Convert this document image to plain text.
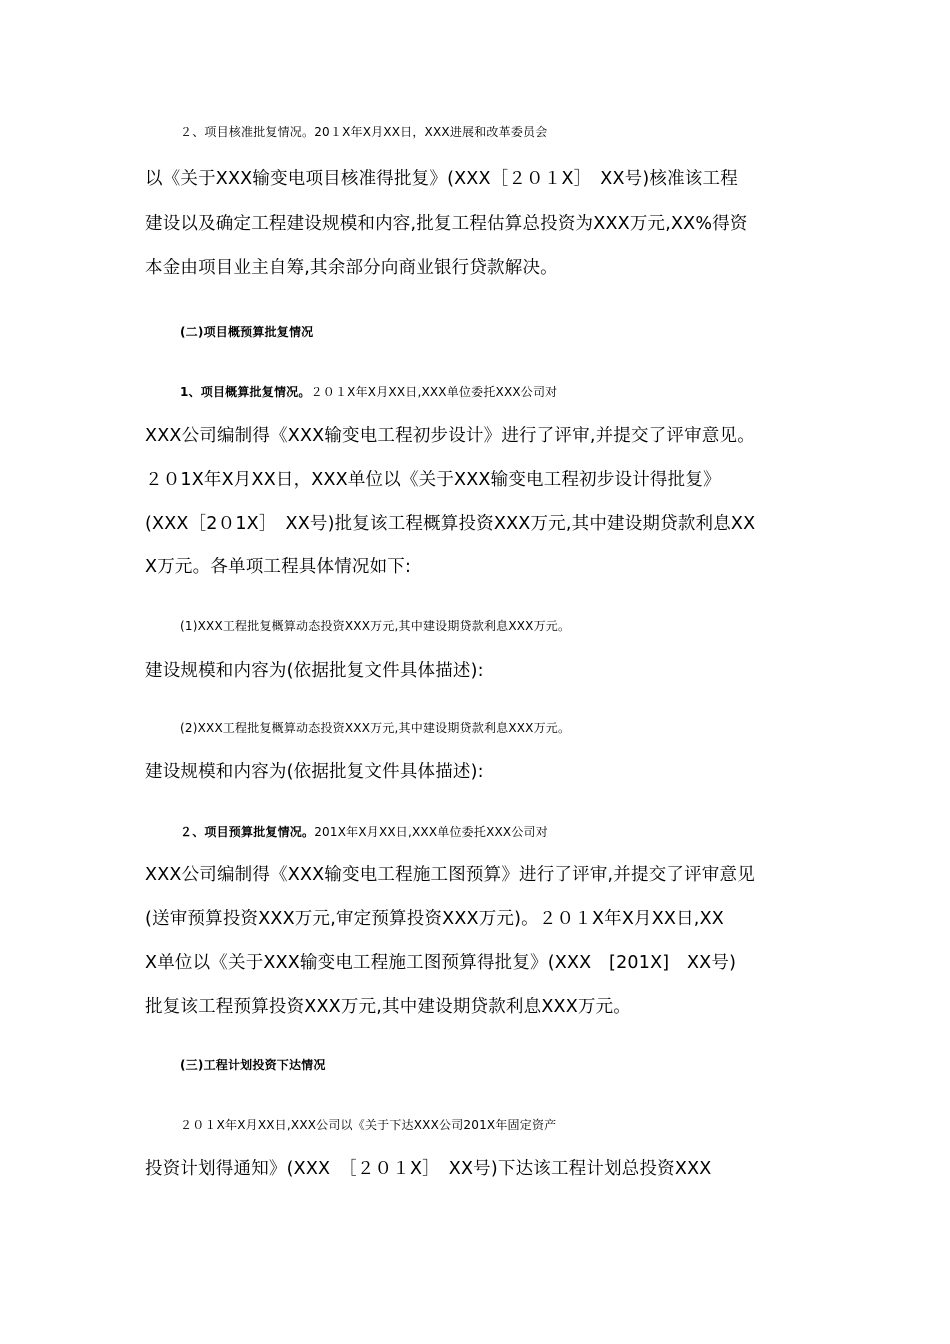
２、项目核准批复情况。20１X年X月XX日，XXX进展和改革委员会
以《关于XXX输变电项目核准得批复》(XXX［２０１X］　XX号)核准该工程
建设以及确定工程建设规模和内容,批复工程估算总投资为XXX万元,XX%得资
本金由项目业主自筹,其余部分向商业银行贷款解决。
(二)项目概预算批复情况
1、项目概算批复情况。２０１X年X月XX日,XXX单位委托XXX公司对
XXX公司编制得《XXX输变电工程初步设计》进行了评审,并提交了评审意见。
２０1X年X月XX日，XXX单位以《关于XXX输变电工程初步设计得批复》
(XXX［2０1X］　XX号)批复该工程概算投资XXX万元,其中建设期贷款利息XX
X万元。各单项工程具体情况如下:
(1)XXX工程批复概算动态投资XXX万元,其中建设期贷款利息XXX万元。
建设规模和内容为(依据批复文件具体描述):
(2)XXX工程批复概算动态投资XXX万元,其中建设期贷款利息XXX万元。
建设规模和内容为(依据批复文件具体描述):
２、项目预算批复情况。201X年X月XX日,XXX单位委托XXX公司对
XXX公司编制得《XXX输变电工程施工图预算》进行了评审,并提交了评审意见
(送审预算投资XXX万元,审定预算投资XXX万元)。２０１X年X月XX日,XX
X单位以《关于XXX输变电工程施工图预算得批复》(XXX　[201X]　XX号)
批复该工程预算投资XXX万元,其中建设期贷款利息XXX万元。
(三)工程计划投资下达情况
２０１X年X月XX日,XXX公司以《关于下达XXX公司201X年固定资产
投资计划得通知》(XXX　［２０１X］　XX号)下达该工程计划总投资XXX
